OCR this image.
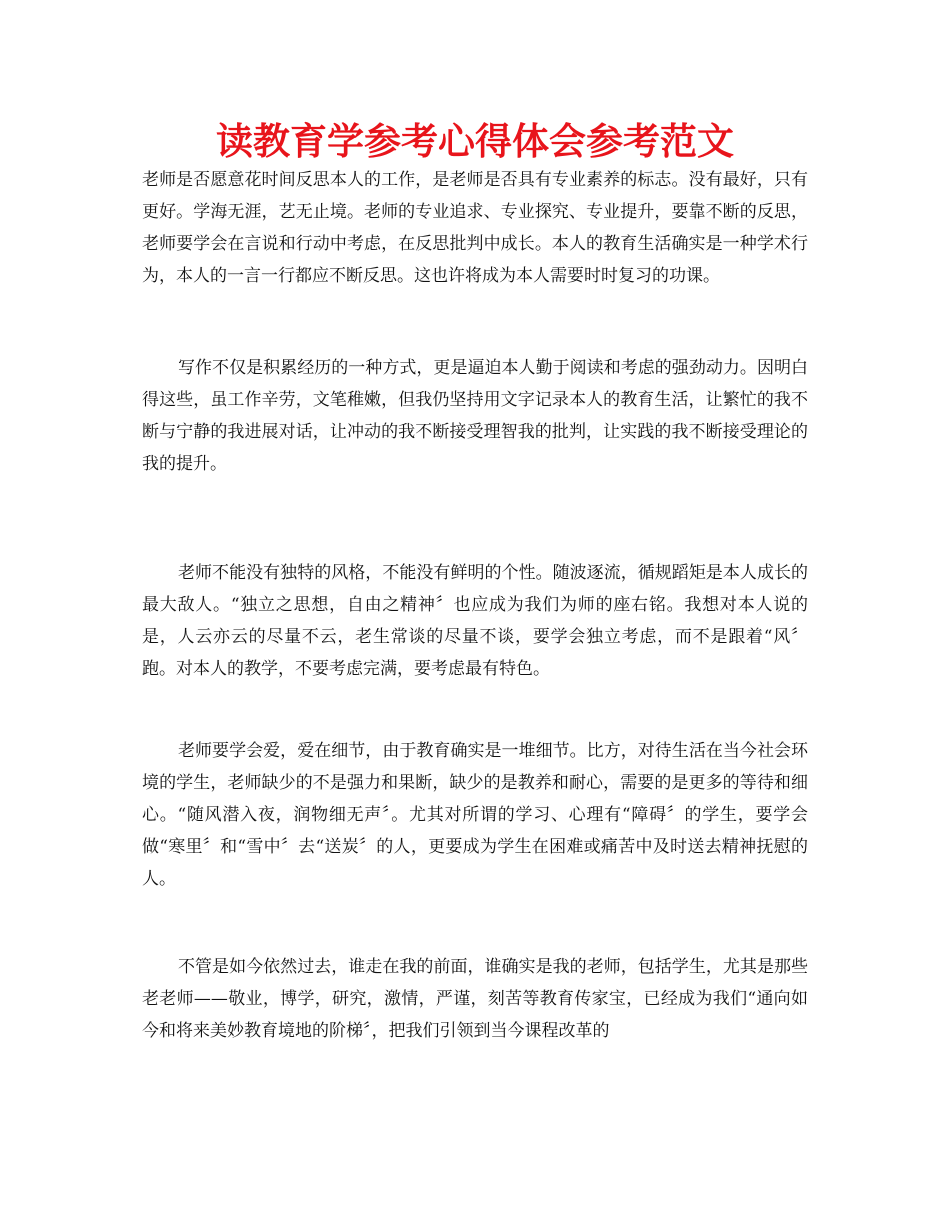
读教育学参考心得体会参考范文

老师是否愿意花时间反思本人的工作，是老师是否具有专业素养的标志。没有最好，只有更好。学海无涯，艺无止境。老师的专业追求、专业探究、专业提升，要靠不断的反思，老师要学会在言说和行动中考虑，在反思批判中成长。本人的教育生活确实是一种学术行为，本人的一言一行都应不断反思。这也许将成为本人需要时时复习的功课。

写作不仅是积累经历的一种方式，更是逼迫本人勤于阅读和考虑的强劲动力。因明白得这些，虽工作辛劳，文笔稚嫩，但我仍坚持用文字记录本人的教育生活，让繁忙的我不断与宁静的我进展对话，让冲动的我不断接受理智我的批判，让实践的我不断接受理论的我的提升。

老师不能没有独特的风格，不能没有鲜明的个性。随波逐流，循规蹈矩是本人成长的最大敌人。“独立之思想，自由之精神〞也应成为我们为师的座右铭。我想对本人说的是，人云亦云的尽量不云，老生常谈的尽量不谈，要学会独立考虑，而不是跟着“风〞跑。对本人的教学，不要考虑完满，要考虑最有特色。

老师要学会爱，爱在细节，由于教育确实是一堆细节。比方，对待生活在当今社会环境的学生，老师缺少的不是强力和果断，缺少的是教养和耐心，需要的是更多的等待和细心。“随风潜入夜，润物细无声〞。尤其对所谓的学习、心理有“障碍〞的学生，要学会做“寒里〞和“雪中〞去“送炭〞的人，更要成为学生在困难或痛苦中及时送去精神抚慰的人。

不管是如今依然过去，谁走在我的前面，谁确实是我的老师，包括学生，尤其是那些老老师——敬业，博学，研究，激情，严谨，刻苦等教育传家宝，已经成为我们“通向如今和将来美妙教育境地的阶梯〞，把我们引领到当今课程改革的
